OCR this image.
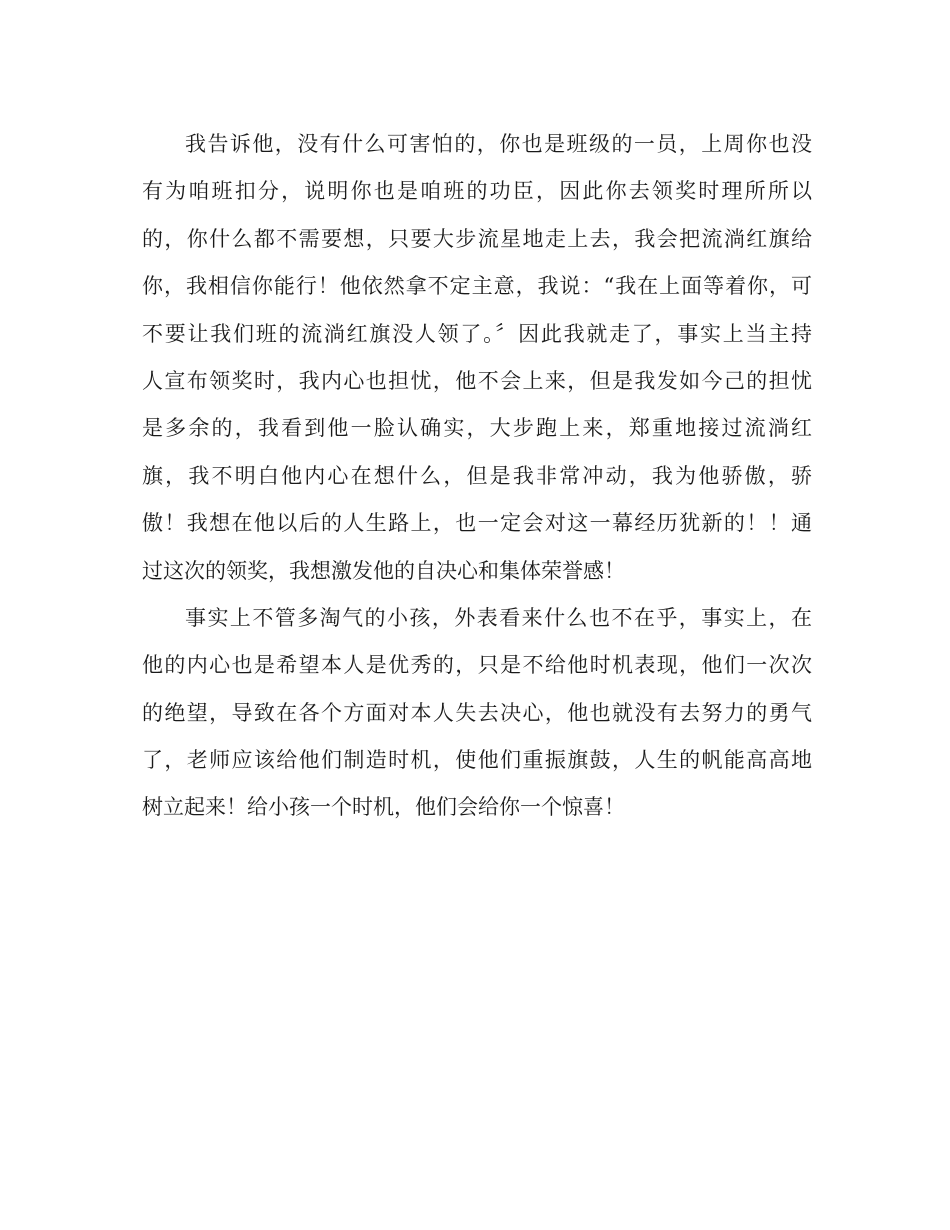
我告诉他，没有什么可害怕的，你也是班级的一员，上周你也没
有为咱班扣分，说明你也是咱班的功臣，因此你去领奖时理所所以
的，你什么都不需要想，只要大步流星地走上去，我会把流淌红旗给
你，我相信你能行！他依然拿不定主意，我说：“我在上面等着你，可
不要让我们班的流淌红旗没人领了。〞因此我就走了，事实上当主持
人宣布领奖时，我内心也担忧，他不会上来，但是我发如今己的担忧
是多余的，我看到他一脸认确实，大步跑上来，郑重地接过流淌红
旗，我不明白他内心在想什么，但是我非常冲动，我为他骄傲，骄
傲！我想在他以后的人生路上，也一定会对这一幕经历犹新的！！通
过这次的领奖，我想激发他的自决心和集体荣誉感！
事实上不管多淘气的小孩，外表看来什么也不在乎，事实上，在
他的内心也是希望本人是优秀的，只是不给他时机表现，他们一次次
的绝望，导致在各个方面对本人失去决心，他也就没有去努力的勇气
了，老师应该给他们制造时机，使他们重振旗鼓，人生的帆能高高地
树立起来！给小孩一个时机，他们会给你一个惊喜！
